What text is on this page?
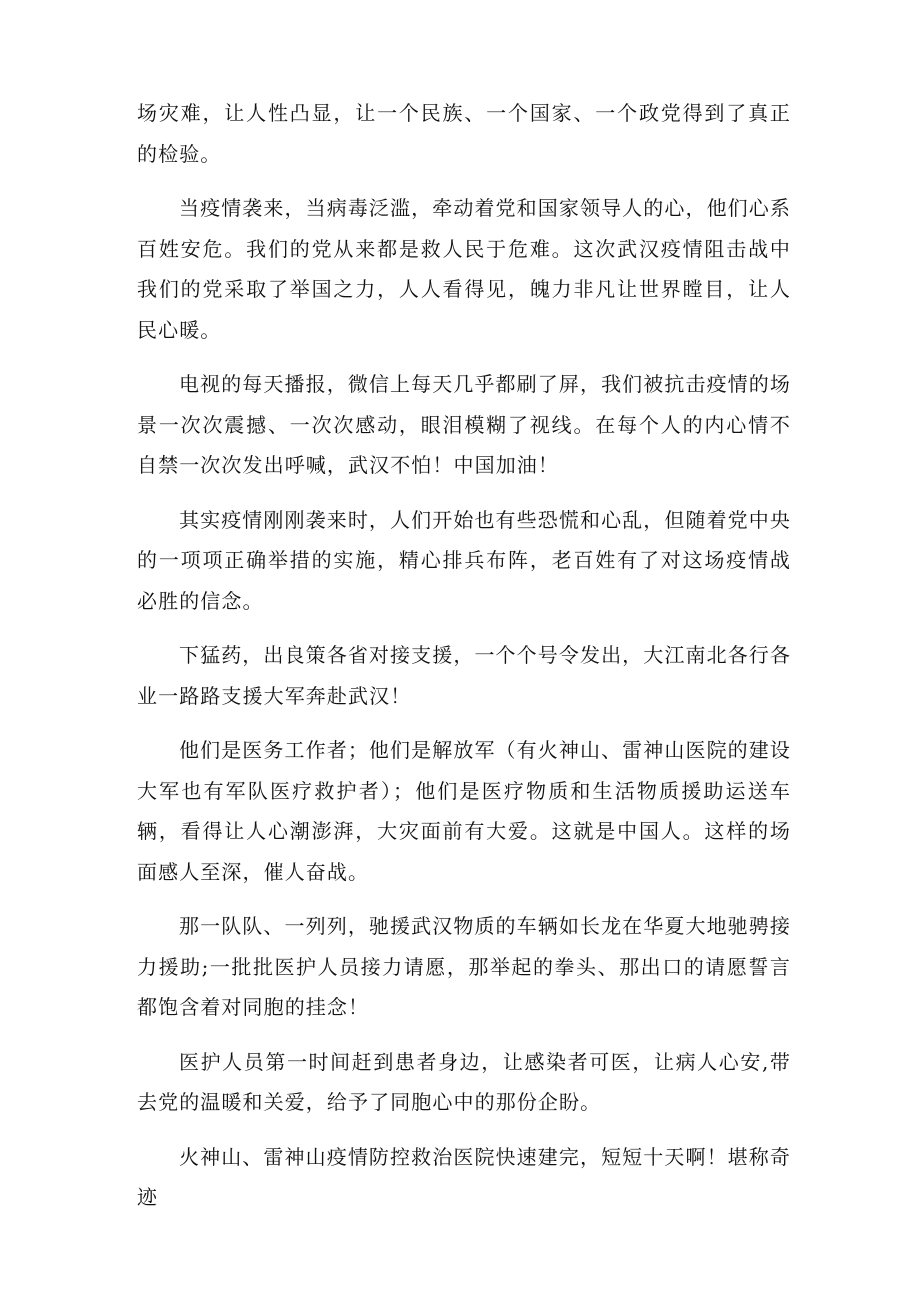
场灾难，让人性凸显，让一个民族、一个国家、一个政党得到了真正的检验。

当疫情袭来，当病毒泛滥，牵动着党和国家领导人的心，他们心系百姓安危。我们的党从来都是救人民于危难。这次武汉疫情阻击战中我们的党采取了举国之力，人人看得见，魄力非凡让世界瞠目，让人民心暖。

电视的每天播报，微信上每天几乎都刷了屏，我们被抗击疫情的场景一次次震撼、一次次感动，眼泪模糊了视线。在每个人的内心情不自禁一次次发出呼喊，武汉不怕！中国加油！

其实疫情刚刚袭来时，人们开始也有些恐慌和心乱，但随着党中央的一项项正确举措的实施，精心排兵布阵，老百姓有了对这场疫情战必胜的信念。

下猛药，出良策各省对接支援，一个个号令发出，大江南北各行各业一路路支援大军奔赴武汉！

他们是医务工作者；他们是解放军（有火神山、雷神山医院的建设大军也有军队医疗救护者）；他们是医疗物质和生活物质援助运送车辆，看得让人心潮澎湃，大灾面前有大爱。这就是中国人。这样的场面感人至深，催人奋战。

那一队队、一列列，驰援武汉物质的车辆如长龙在华夏大地驰骋接力援助;一批批医护人员接力请愿，那举起的拳头、那出口的请愿誓言都饱含着对同胞的挂念！

医护人员第一时间赶到患者身边，让感染者可医，让病人心安,带去党的温暖和关爱，给予了同胞心中的那份企盼。

火神山、雷神山疫情防控救治医院快速建完，短短十天啊！堪称奇迹
